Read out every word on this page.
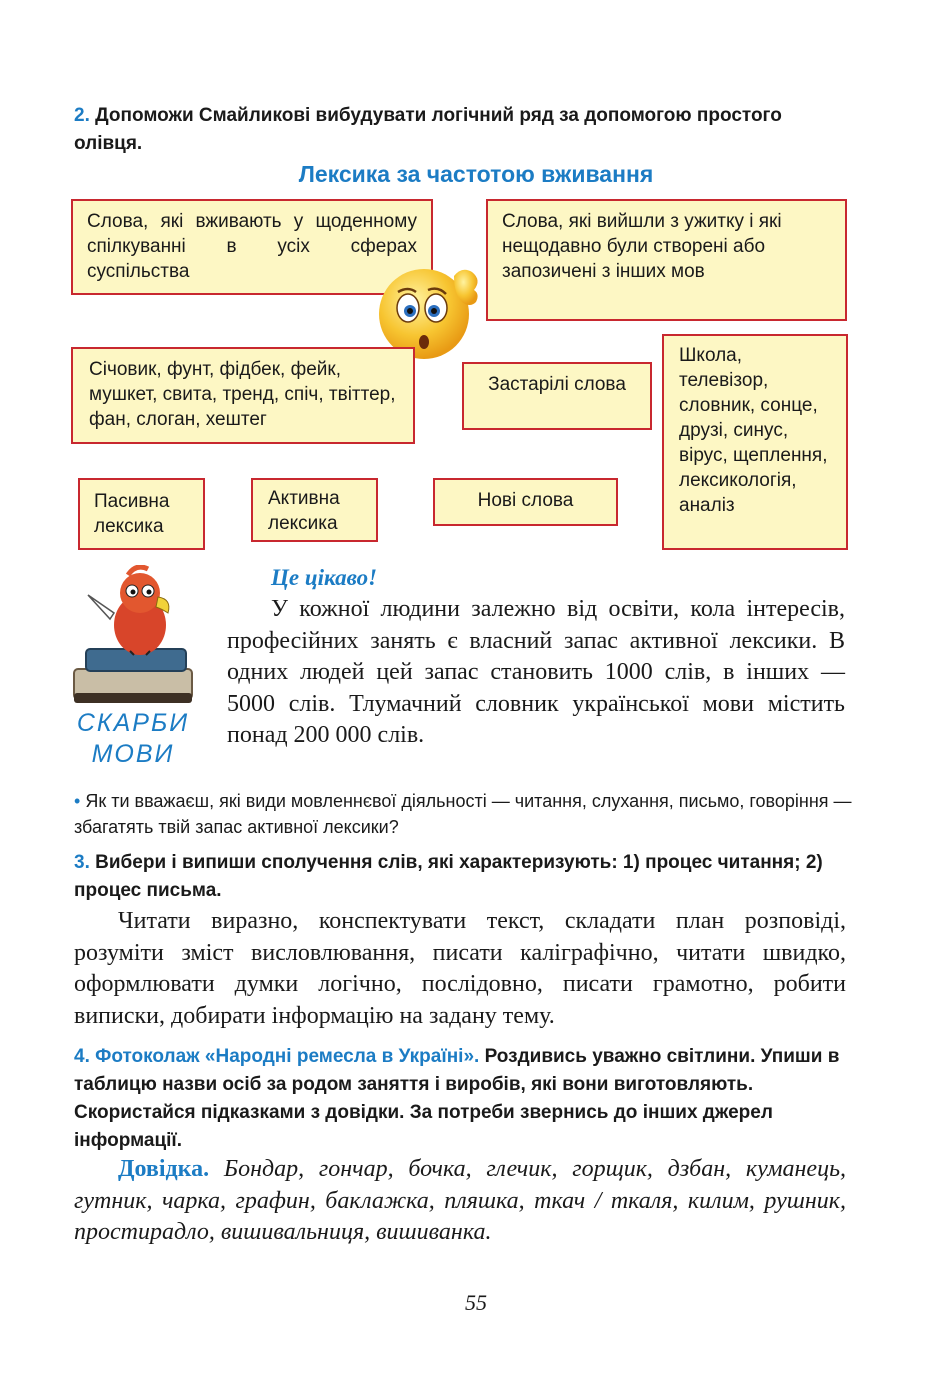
2. Допоможи Смайликові вибудувати логічний ряд за допомогою простого олівця.
Лексика за частотою вживання
Слова, які вживають у щоденному спілкуванні в усіх сферах суспільства
Слова, які вийшли з ужитку і які нещодавно були створені або запозичені з інших мов
Січовик, фунт, фідбек, фейк, мушкет, свита, тренд, спіч, твіттер, фан, слоган, хештег
Застарілі слова
Школа, телевізор, словник, сонце, друзі, синус, вірус, щеплення, лексикологія, аналіз
Пасивна лексика
Активна лексика
Нові слова
СКАРБИ
МОВИ
Це цікаво!
У кожної людини залежно від освіти, кола інтересів, професійних занять є власний запас активної лексики. В одних людей цей запас становить 1000 слів, в інших — 5000 слів. Тлумачний словник української мови містить понад 200 000 слів.
• Як ти вважаєш, які види мовленнєвої діяльності — читання, слухання, письмо, говоріння — збагатять твій запас активної лексики?
3. Вибери і випиши сполучення слів, які характеризують: 1) процес читання; 2) процес письма.
Читати виразно, конспектувати текст, складати план розповіді, розуміти зміст висловлювання, писати каліграфічно, читати швидко, оформлювати думки логічно, послідовно, писати грамотно, робити виписки, добирати інформацію на задану тему.
4. Фотоколаж «Народні ремесла в Україні». Роздивись уважно світлини. Упиши в таблицю назви осіб за родом заняття і виробів, які вони виготовляють. Скористайся підказками з довідки. За потреби звернись до інших джерел інформації.
Довідка. Бондар, гончар, бочка, глечик, горщик, дзбан, куманець, гутник, чарка, графин, баклажка, пляшка, ткач / ткаля, килим, рушник, простирадло, вишивальниця, вишиванка.
55
